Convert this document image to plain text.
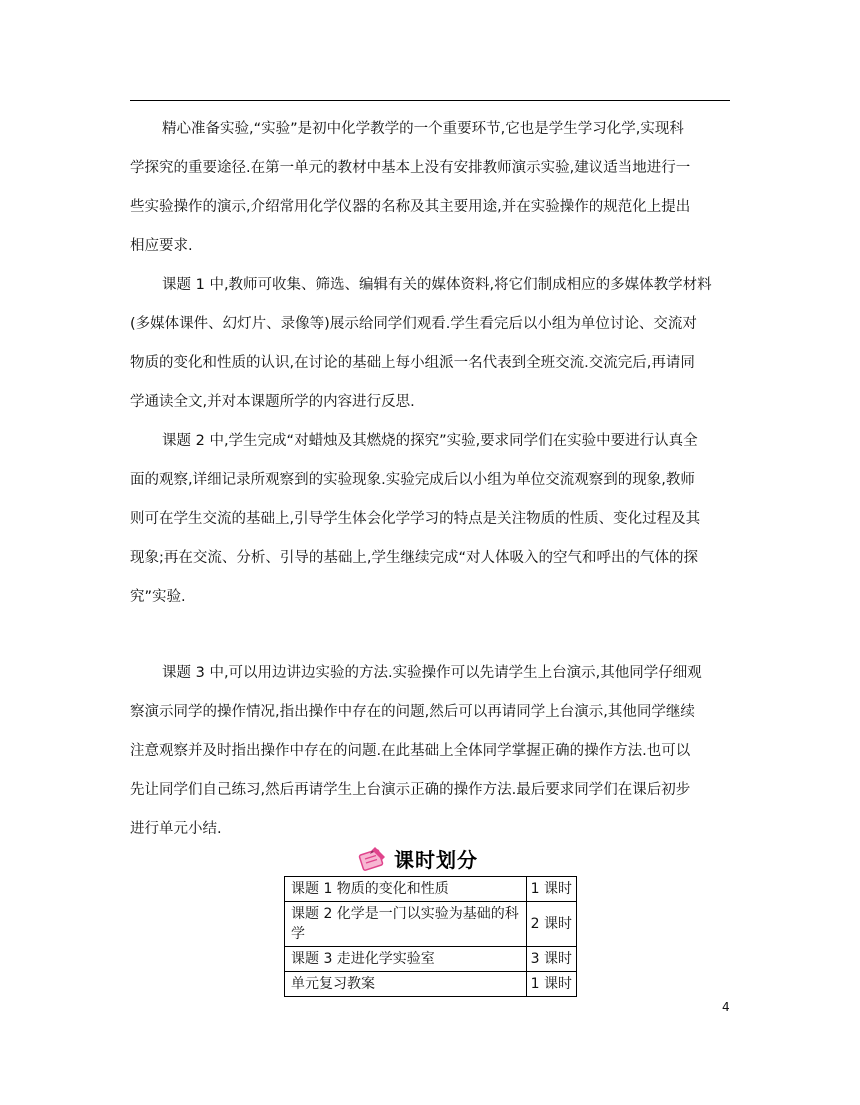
精心准备实验,“实验”是初中化学教学的一个重要环节,它也是学生学习化学,实现科
学探究的重要途径.在第一单元的教材中基本上没有安排教师演示实验,建议适当地进行一
些实验操作的演示,介绍常用化学仪器的名称及其主要用途,并在实验操作的规范化上提出
相应要求.
课题 1 中,教师可收集、筛选、编辑有关的媒体资料,将它们制成相应的多媒体教学材料
(多媒体课件、幻灯片、录像等)展示给同学们观看.学生看完后以小组为单位讨论、交流对
物质的变化和性质的认识,在讨论的基础上每小组派一名代表到全班交流.交流完后,再请同
学通读全文,并对本课题所学的内容进行反思.
课题 2 中,学生完成“对蜡烛及其燃烧的探究”实验,要求同学们在实验中要进行认真全
面的观察,详细记录所观察到的实验现象.实验完成后以小组为单位交流观察到的现象,教师
则可在学生交流的基础上,引导学生体会化学学习的特点是关注物质的性质、变化过程及其
现象;再在交流、分析、引导的基础上,学生继续完成“对人体吸入的空气和呼出的气体的探
究”实验.
课题 3 中,可以用边讲边实验的方法.实验操作可以先请学生上台演示,其他同学仔细观
察演示同学的操作情况,指出操作中存在的问题,然后可以再请同学上台演示,其他同学继续
注意观察并及时指出操作中存在的问题.在此基础上全体同学掌握正确的操作方法.也可以
先让同学们自己练习,然后再请学生上台演示正确的操作方法.最后要求同学们在课后初步
进行单元小结.
课时划分
课题 1 物质的变化和性质	1 课时
课题 2 化学是一门以实验为基础的科学	2 课时
课题 3 走进化学实验室	3 课时
单元复习教案	1 课时
4
